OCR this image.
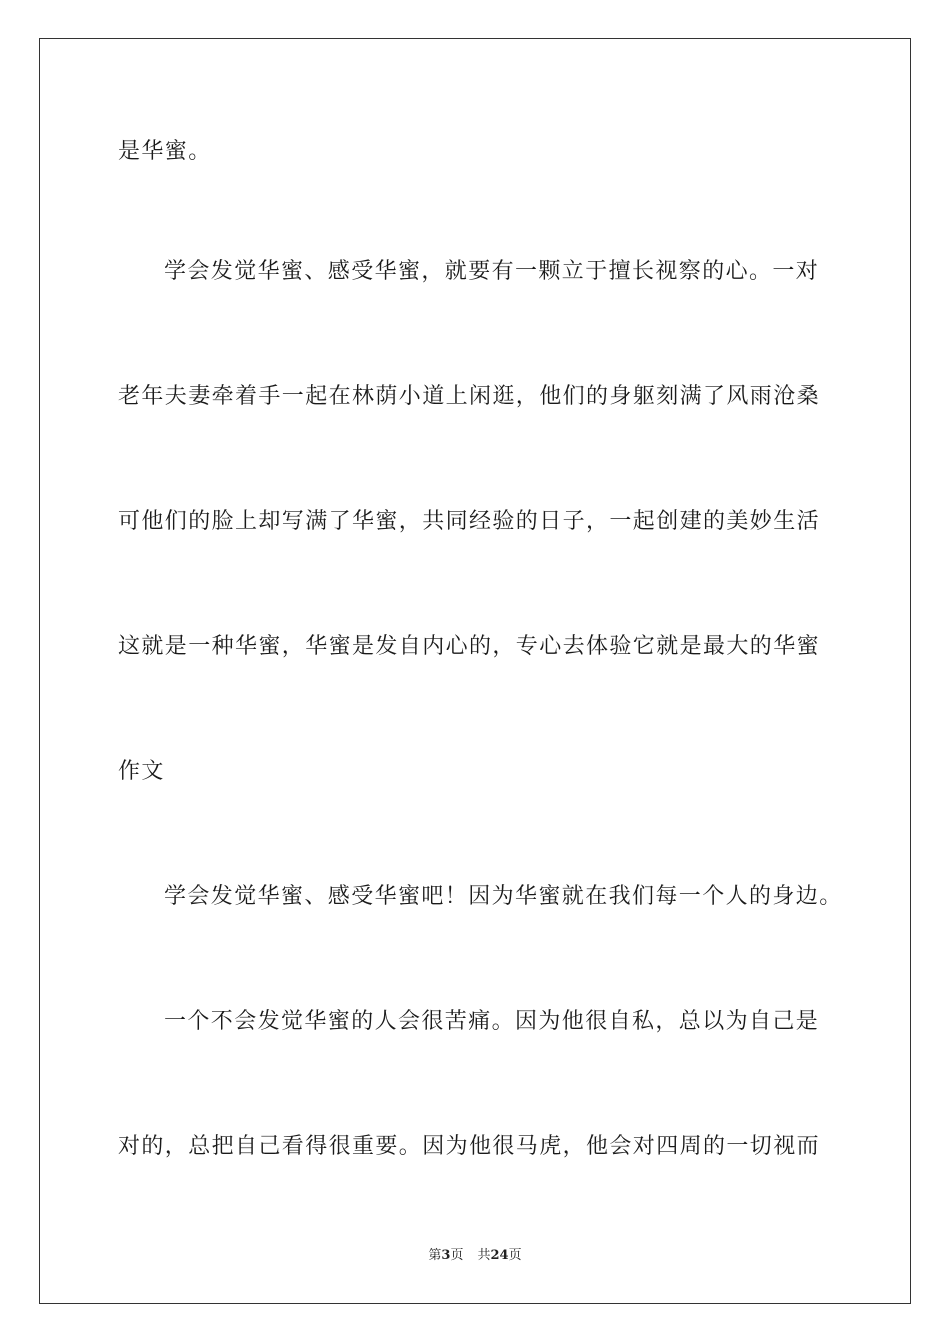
是华蜜。
学会发觉华蜜、感受华蜜，就要有一颗立于擅长视察的心。一对
老年夫妻牵着手一起在林荫小道上闲逛，他们的身躯刻满了风雨沧桑
可他们的脸上却写满了华蜜，共同经验的日子，一起创建的美妙生活
这就是一种华蜜，华蜜是发自内心的，专心去体验它就是最大的华蜜
作文
学会发觉华蜜、感受华蜜吧！因为华蜜就在我们每一个人的身边。
一个不会发觉华蜜的人会很苦痛。因为他很自私，总以为自己是
对的，总把自己看得很重要。因为他很马虎，他会对四周的一切视而
第3页 共24页
